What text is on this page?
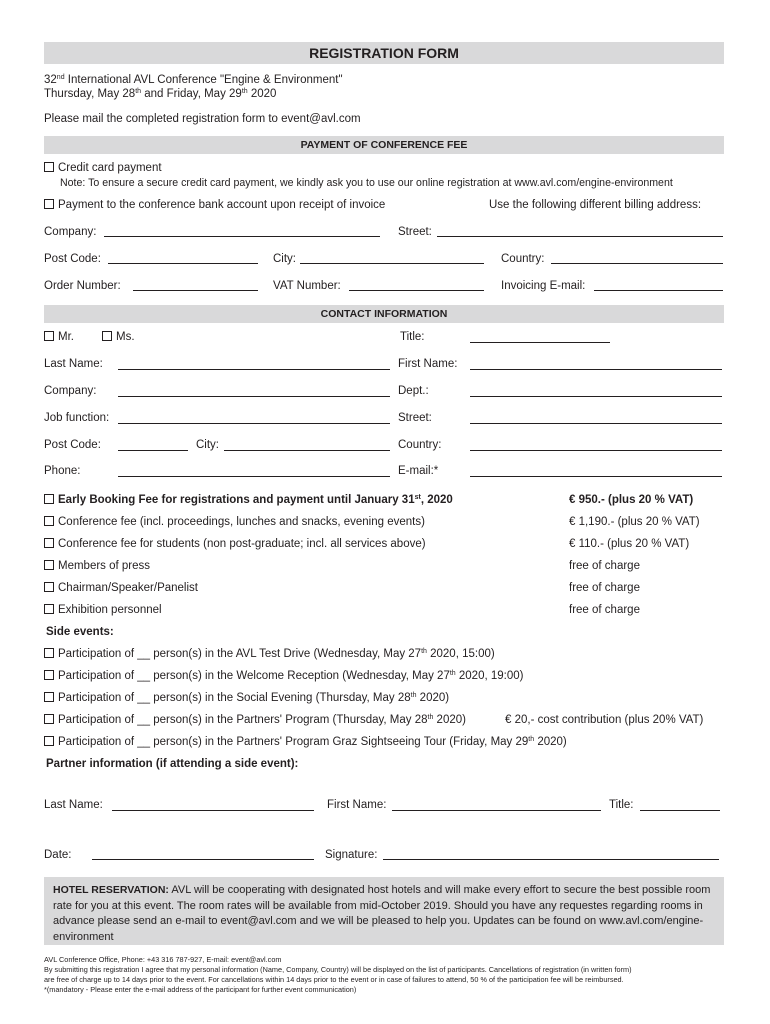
REGISTRATION FORM
32nd International AVL Conference "Engine & Environment"
Thursday, May 28th and Friday, May 29th 2020
Please mail the completed registration form to event@avl.com
PAYMENT OF CONFERENCE FEE
Credit card payment
Note: To ensure a secure credit card payment, we kindly ask you to use our online registration at www.avl.com/engine-environment
Payment to the conference bank account upon receipt of invoice	Use the following different billing address:
Company:	Street:
Post Code:	City:	Country:
Order Number:	VAT Number:	Invoicing E-mail:
CONTACT INFORMATION
Mr.	Ms.	Title:
Last Name:	First Name:
Company:	Dept.:
Job function:	Street:
Post Code:	City:	Country:
Phone:	E-mail:*
Early Booking Fee for registrations and payment until January 31st, 2020	€ 950.- (plus 20 % VAT)
Conference fee (incl. proceedings, lunches and snacks, evening events)	€ 1,190.- (plus 20 % VAT)
Conference fee for students (non post-graduate; incl. all services above)	€ 110.- (plus 20 % VAT)
Members of press	free of charge
Chairman/Speaker/Panelist	free of charge
Exhibition personnel	free of charge
Side events:
Participation of __ person(s) in the AVL Test Drive (Wednesday, May 27th 2020, 15:00)
Participation of __ person(s) in the Welcome Reception (Wednesday, May 27th 2020, 19:00)
Participation of __ person(s) in the Social Evening (Thursday, May 28th 2020)
Participation of __ person(s) in the Partners' Program (Thursday, May 28th 2020)	€ 20,- cost contribution (plus 20% VAT)
Participation of __ person(s) in the Partners' Program Graz Sightseeing Tour (Friday, May 29th 2020)
Partner information (if attending a side event):
Last Name:	First Name:	Title:
Date:	Signature:
HOTEL RESERVATION: AVL will be cooperating with designated host hotels and will make every effort to secure the best possible room rate for you at this event. The room rates will be available from mid-October 2019. Should you have any requestes regarding rooms in advance please send an e-mail to event@avl.com and we will be pleased to help you. Updates can be found on www.avl.com/engine-environment
AVL Conference Office, Phone: +43 316 787-927, E-mail: event@avl.com
By submitting this registration I agree that my personal information (Name, Company, Country) will be displayed on the list of participants. Cancellations of registration (in written form)
are free of charge up to 14 days prior to the event. For cancellations within 14 days prior to the event or in case of failures to attend, 50 % of the participation fee will be reimbursed.
*(mandatory - Please enter the e-mail address of the participant for further event communication)
